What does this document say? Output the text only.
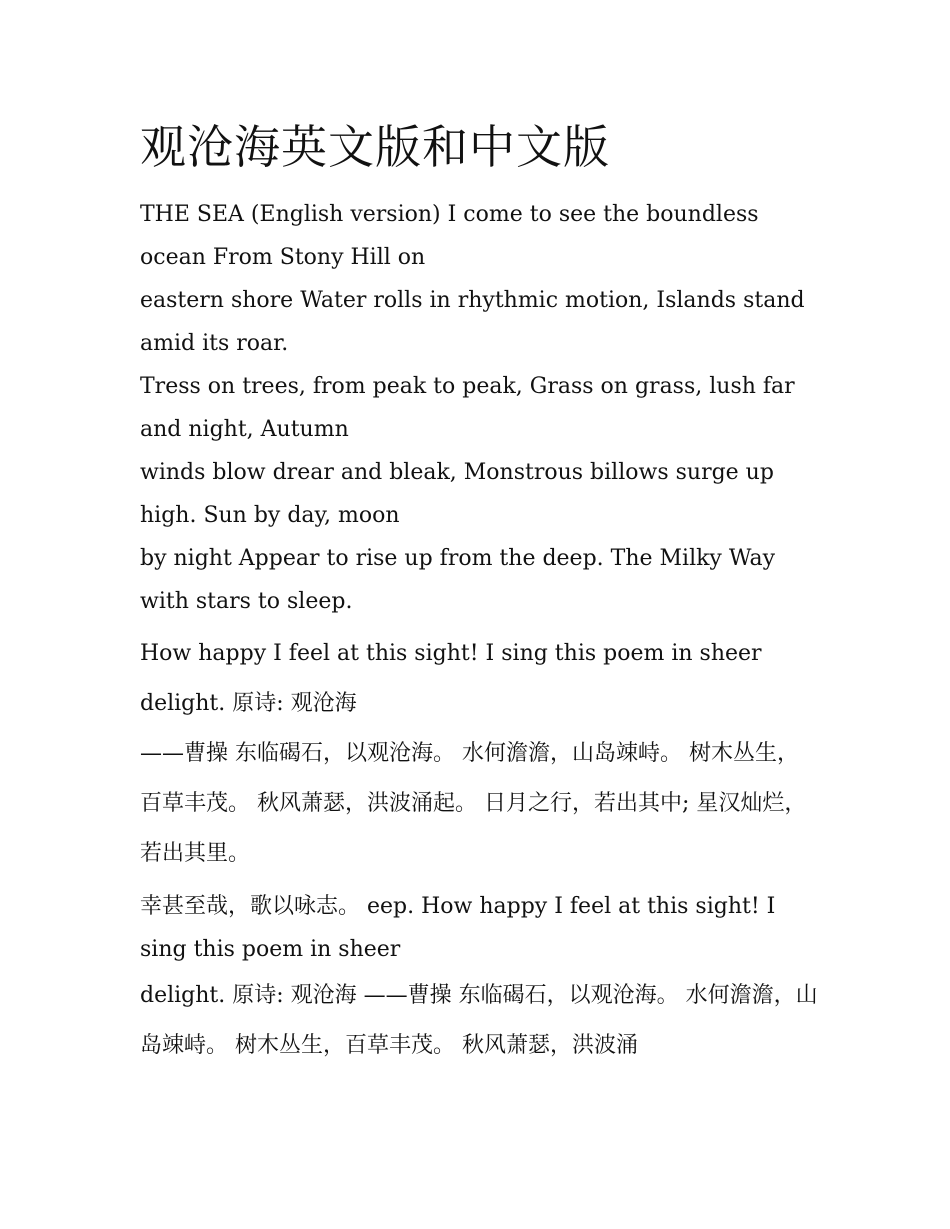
观沧海英文版和中文版

THE SEA (English version) I come to see the boundless ocean From Stony Hill on

eastern shore Water rolls in rhythmic motion, Islands stand amid its roar.

Tress on trees, from peak to peak, Grass on grass, lush far and night, Autumn

winds blow drear and bleak, Monstrous billows surge up high. Sun by day, moon

by night Appear to rise up from the deep. The Milky Way with stars to sleep.

How happy I feel at this sight! I sing this poem in sheer delight. 原诗: 观沧海

——曹操 东临碣石，以观沧海。 水何澹澹，山岛竦峙。 树木丛生，百草丰茂。 秋风萧瑟，洪波涌起。 日月之行，若出其中; 星汉灿烂，若出其里。

幸甚至哉，歌以咏志。 eep. How happy I feel at this sight! I sing this poem in sheer

delight. 原诗: 观沧海 ——曹操 东临碣石，以观沧海。 水何澹澹，山岛竦峙。 树木丛生，百草丰茂。 秋风萧瑟，洪波涌
